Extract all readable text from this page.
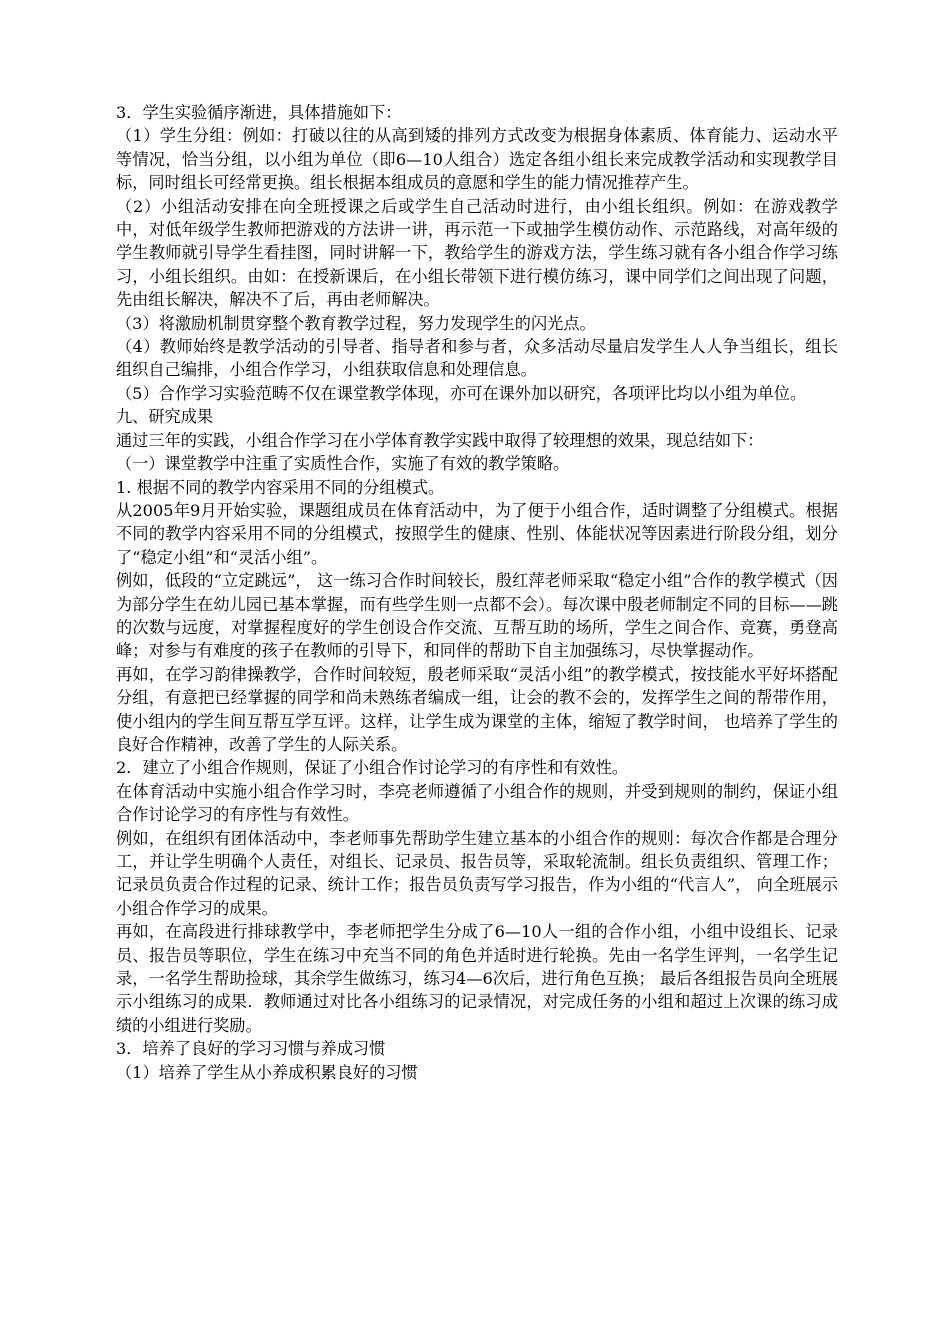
3．学生实验循序渐进，具体措施如下：

（1）学生分组：例如：打破以往的从高到矮的排列方式改变为根据身体素质、体育能力、运动水平等情况，恰当分组，以小组为单位（即6—10人组合）选定各组小组长来完成教学活动和实现教学目标，同时组长可经常更换。组长根据本组成员的意愿和学生的能力情况推荐产生。

（2）小组活动安排在向全班授课之后或学生自己活动时进行，由小组长组织。例如：在游戏教学中，对低年级学生教师把游戏的方法讲一讲，再示范一下或抽学生模仿动作、示范路线，对高年级的学生教师就引导学生看挂图，同时讲解一下，教给学生的游戏方法，学生练习就有各小组合作学习练习，小组长组织。由如：在授新课后，在小组长带领下进行模仿练习，课中同学们之间出现了问题，先由组长解决，解决不了后，再由老师解决。

（3）将激励机制贯穿整个教育教学过程，努力发现学生的闪光点。

（4）教师始终是教学活动的引导者、指导者和参与者，众多活动尽量启发学生人人争当组长，组长组织自己编排，小组合作学习，小组获取信息和处理信息。

（5）合作学习实验范畴不仅在课堂教学体现，亦可在课外加以研究，各项评比均以小组为单位。

九、研究成果

通过三年的实践，小组合作学习在小学体育教学实践中取得了较理想的效果，现总结如下：

（一）课堂教学中注重了实质性合作，实施了有效的教学策略。

1. 根据不同的教学内容采用不同的分组模式。

从2005年9月开始实验，课题组成员在体育活动中，为了便于小组合作，适时调整了分组模式。根据不同的教学内容采用不同的分组模式，按照学生的健康、性别、体能状况等因素进行阶段分组，划分了“稳定小组”和“灵活小组”。

例如，低段的“立定跳远”， 这一练习合作时间较长，殷红萍老师采取“稳定小组”合作的教学模式（因为部分学生在幼儿园已基本掌握，而有些学生则一点都不会）。每次课中殷老师制定不同的目标——跳的次数与远度，对掌握程度好的学生创设合作交流、互帮互助的场所，学生之间合作、竞赛，勇登高峰；对参与有难度的孩子在教师的引导下，和同伴的帮助下自主加强练习，尽快掌握动作。

再如，在学习韵律操教学，合作时间较短，殷老师采取“灵活小组”的教学模式，按技能水平好坏搭配分组，有意把已经掌握的同学和尚未熟练者编成一组，让会的教不会的，发挥学生之间的帮带作用，使小组内的学生间互帮互学互评。这样，让学生成为课堂的主体，缩短了教学时间， 也培养了学生的良好合作精神，改善了学生的人际关系。

2．建立了小组合作规则，保证了小组合作讨论学习的有序性和有效性。

在体育活动中实施小组合作学习时，李亮老师遵循了小组合作的规则，并受到规则的制约，保证小组合作讨论学习的有序性与有效性。

例如，在组织有团体活动中，李老师事先帮助学生建立基本的小组合作的规则：每次合作都是合理分工，并让学生明确个人责任，对组长、记录员、报告员等，采取轮流制。组长负责组织、管理工作；记录员负责合作过程的记录、统计工作；报告员负责写学习报告，作为小组的“代言人”， 向全班展示小组合作学习的成果。

再如，在高段进行排球教学中，李老师把学生分成了6—10人一组的合作小组，小组中设组长、记录员、报告员等职位，学生在练习中充当不同的角色并适时进行轮换。先由一名学生评判，一名学生记录，一名学生帮助捡球，其余学生做练习，练习4—6次后，进行角色互换； 最后各组报告员向全班展示小组练习的成果．教师通过对比各小组练习的记录情况，对完成任务的小组和超过上次课的练习成绩的小组进行奖励。

3．培养了良好的学习习惯与养成习惯

（1）培养了学生从小养成积累良好的习惯
